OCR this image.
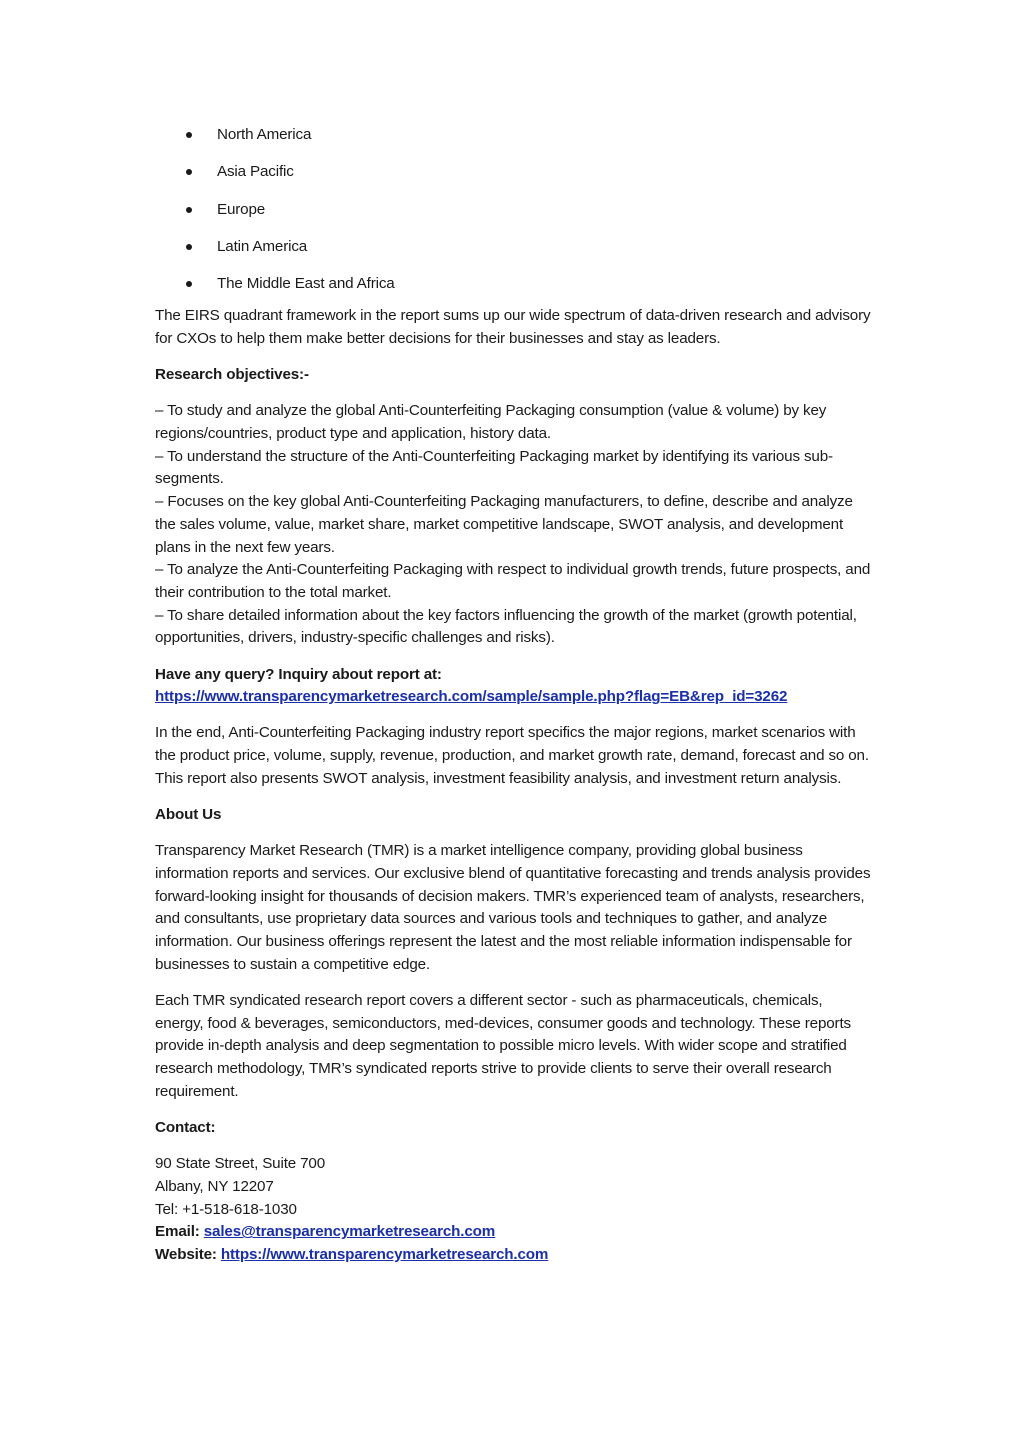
North America
Asia Pacific
Europe
Latin America
The Middle East and Africa

The EIRS quadrant framework in the report sums up our wide spectrum of data-driven research and advisory for CXOs to help them make better decisions for their businesses and stay as leaders.

Research objectives:-

– To study and analyze the global Anti-Counterfeiting Packaging consumption (value & volume) by key regions/countries, product type and application, history data.
– To understand the structure of the Anti-Counterfeiting Packaging market by identifying its various sub-segments.
– Focuses on the key global Anti-Counterfeiting Packaging manufacturers, to define, describe and analyze the sales volume, value, market share, market competitive landscape, SWOT analysis, and development plans in the next few years.
– To analyze the Anti-Counterfeiting Packaging with respect to individual growth trends, future prospects, and their contribution to the total market.
– To share detailed information about the key factors influencing the growth of the market (growth potential, opportunities, drivers, industry-specific challenges and risks).
Have any query? Inquiry about report at:
https://www.transparencymarketresearch.com/sample/sample.php?flag=EB&rep_id=3262

In the end, Anti-Counterfeiting Packaging industry report specifics the major regions, market scenarios with the product price, volume, supply, revenue, production, and market growth rate, demand, forecast and so on. This report also presents SWOT analysis, investment feasibility analysis, and investment return analysis.

About Us

Transparency Market Research (TMR) is a market intelligence company, providing global business information reports and services. Our exclusive blend of quantitative forecasting and trends analysis provides forward-looking insight for thousands of decision makers. TMR’s experienced team of analysts, researchers, and consultants, use proprietary data sources and various tools and techniques to gather, and analyze information. Our business offerings represent the latest and the most reliable information indispensable for businesses to sustain a competitive edge.

Each TMR syndicated research report covers a different sector - such as pharmaceuticals, chemicals, energy, food & beverages, semiconductors, med-devices, consumer goods and technology. These reports provide in-depth analysis and deep segmentation to possible micro levels. With wider scope and stratified research methodology, TMR’s syndicated reports strive to provide clients to serve their overall research requirement.

Contact:

90 State Street, Suite 700
Albany, NY 12207
Tel: +1-518-618-1030
Email: sales@transparencymarketresearch.com
Website: https://www.transparencymarketresearch.com
